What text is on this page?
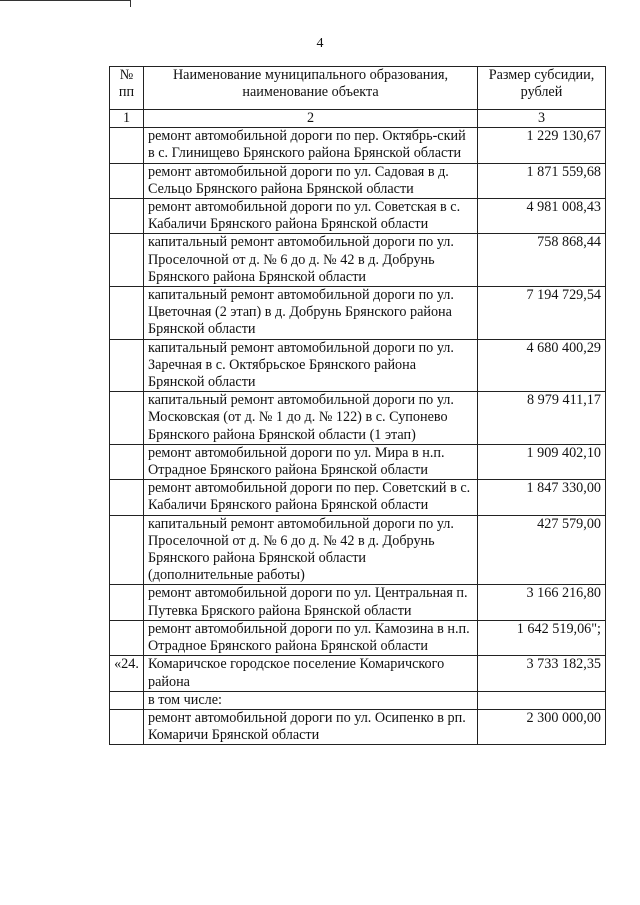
4
№ пп	Наименование муниципального образования, наименование объекта	Размер субсидии, рублей
1	2	3
	ремонт автомобильной дороги по пер. Октябрь-ский в с. Глинищево Брянского района Брянской области	1 229 130,67
	ремонт автомобильной дороги по ул. Садовая в д. Сельцо Брянского района Брянской области	1 871 559,68
	ремонт автомобильной дороги по ул. Советская в с. Кабаличи Брянского района Брянской области	4 981 008,43
	капитальный ремонт автомобильной дороги по ул. Проселочной от д. № 6 до д. № 42 в д. Добрунь Брянского района Брянской области	758 868,44
	капитальный ремонт автомобильной дороги по ул. Цветочная (2 этап) в д. Добрунь Брянского района Брянской области	7 194 729,54
	капитальный ремонт автомобильной дороги по ул. Заречная в с. Октябрьское Брянского района Брянской области	4 680 400,29
	капитальный ремонт автомобильной дороги по ул. Московская (от д. № 1 до д. № 122) в с. Супонево Брянского района Брянской области (1 этап)	8 979 411,17
	ремонт автомобильной дороги по ул. Мира в н.п. Отрадное Брянского района Брянской области	1 909 402,10
	ремонт автомобильной дороги по пер. Советский в с. Кабаличи Брянского района Брянской области	1 847 330,00
	капитальный ремонт автомобильной дороги по ул. Проселочной от д. № 6 до д. № 42 в д. Добрунь Брянского района Брянской области (дополнительные работы)	427 579,00
	ремонт автомобильной дороги по ул. Центральная п. Путевка Бряского района Брянской области	3 166 216,80
	ремонт автомобильной дороги по ул. Камозина в н.п. Отрадное Брянского района Брянской области	1 642 519,06";
«24.	Комаричское городское поселение Комаричского района	3 733 182,35
	в том числе:	
	ремонт автомобильной дороги по ул. Осипенко в рп. Комаричи Брянской области	2 300 000,00
